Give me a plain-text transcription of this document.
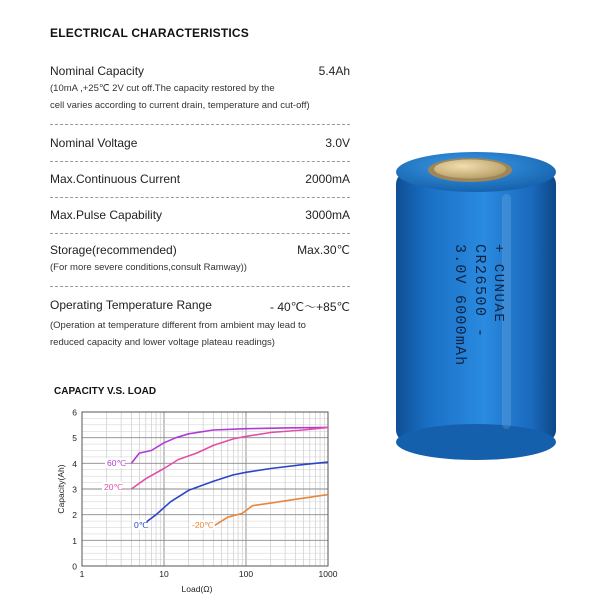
ELECTRICAL CHARACTERISTICS
Nominal Capacity	5.4Ah
(10mA ,+25℃ 2V cut off.The capacity restored by the
cell varies according to current drain, temperature and cut-off)
Nominal Voltage	3.0V
Max.Continuous Current	2000mA
Max.Pulse Capability	3000mA
Storage(recommended)	Max.30℃
(For more severe conditions,consult Ramway))
Operating Temperature Range	- 40℃～+85℃
(Operation at temperature different from ambient may lead to
reduced capacity and lower voltage plateau readings)
CAPACITY V.S. LOAD
0
1
2
3
4
5
6
1	10	100	1000
Load(Ω)
Capacity(Ah)
60℃
20℃
0℃	-20℃
+ CUNUAE
CR26500 -
3.0V 6000mAh
